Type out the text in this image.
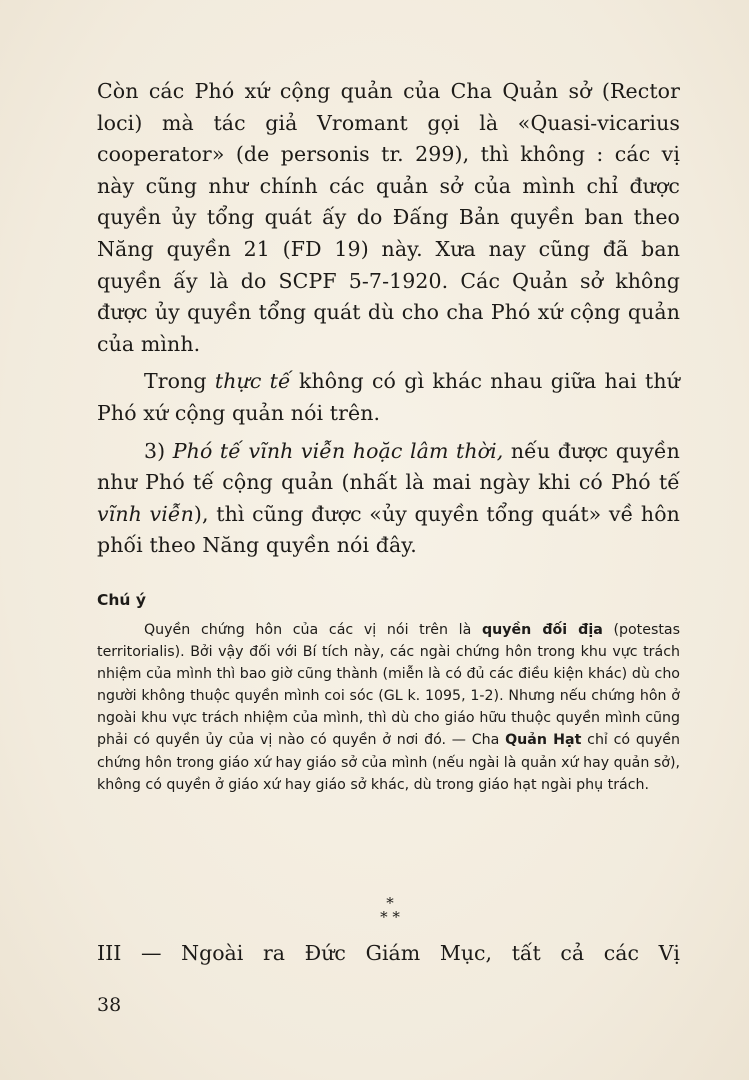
Còn các Phó xứ cộng quản của Cha Quản sở (Rector loci) mà tác giả Vromant gọi là «Quasi-vicarius cooperator» (de personis tr. 299), thì không : các vị này cũng như chính các quản sở của mình chỉ được quyền ủy tổng quát ấy do Đấng Bản quyền ban theo Năng quyền 21 (FD 19) này. Xưa nay cũng đã ban quyền ấy là do SCPF 5-7-1920. Các Quản sở không được ủy quyền tổng quát dù cho cha Phó xứ cộng quản của mình.

Trong thực tế không có gì khác nhau giữa hai thứ Phó xứ cộng quản nói trên.

3) Phó tế vĩnh viễn hoặc lâm thời, nếu được quyền như Phó tế cộng quản (nhất là mai ngày khi có Phó tế vĩnh viễn), thì cũng được «ủy quyền tổng quát» về hôn phối theo Năng quyền nói đây.

Chú ý

Quyền chứng hôn của các vị nói trên là quyền đối địa (potestas territorialis). Bởi vậy đối với Bí tích này, các ngài chứng hôn trong khu vực trách nhiệm của mình thì bao giờ cũng thành (miễn là có đủ các điều kiện khác) dù cho người không thuộc quyền mình coi sóc (GL k. 1095, 1-2). Nhưng nếu chứng hôn ở ngoài khu vực trách nhiệm của mình, thì dù cho giáo hữu thuộc quyền mình cũng phải có quyền ủy của vị nào có quyền ở nơi đó. — Cha Quản Hạt chỉ có quyền chứng hôn trong giáo xứ hay giáo sở của mình (nếu ngài là quản xứ hay quản sở), không có quyền ở giáo xứ hay giáo sở khác, dù trong giáo hạt ngài phụ trách.

*
* *
III — Ngoài ra Đức Giám Mục, tất cả các Vị
38
